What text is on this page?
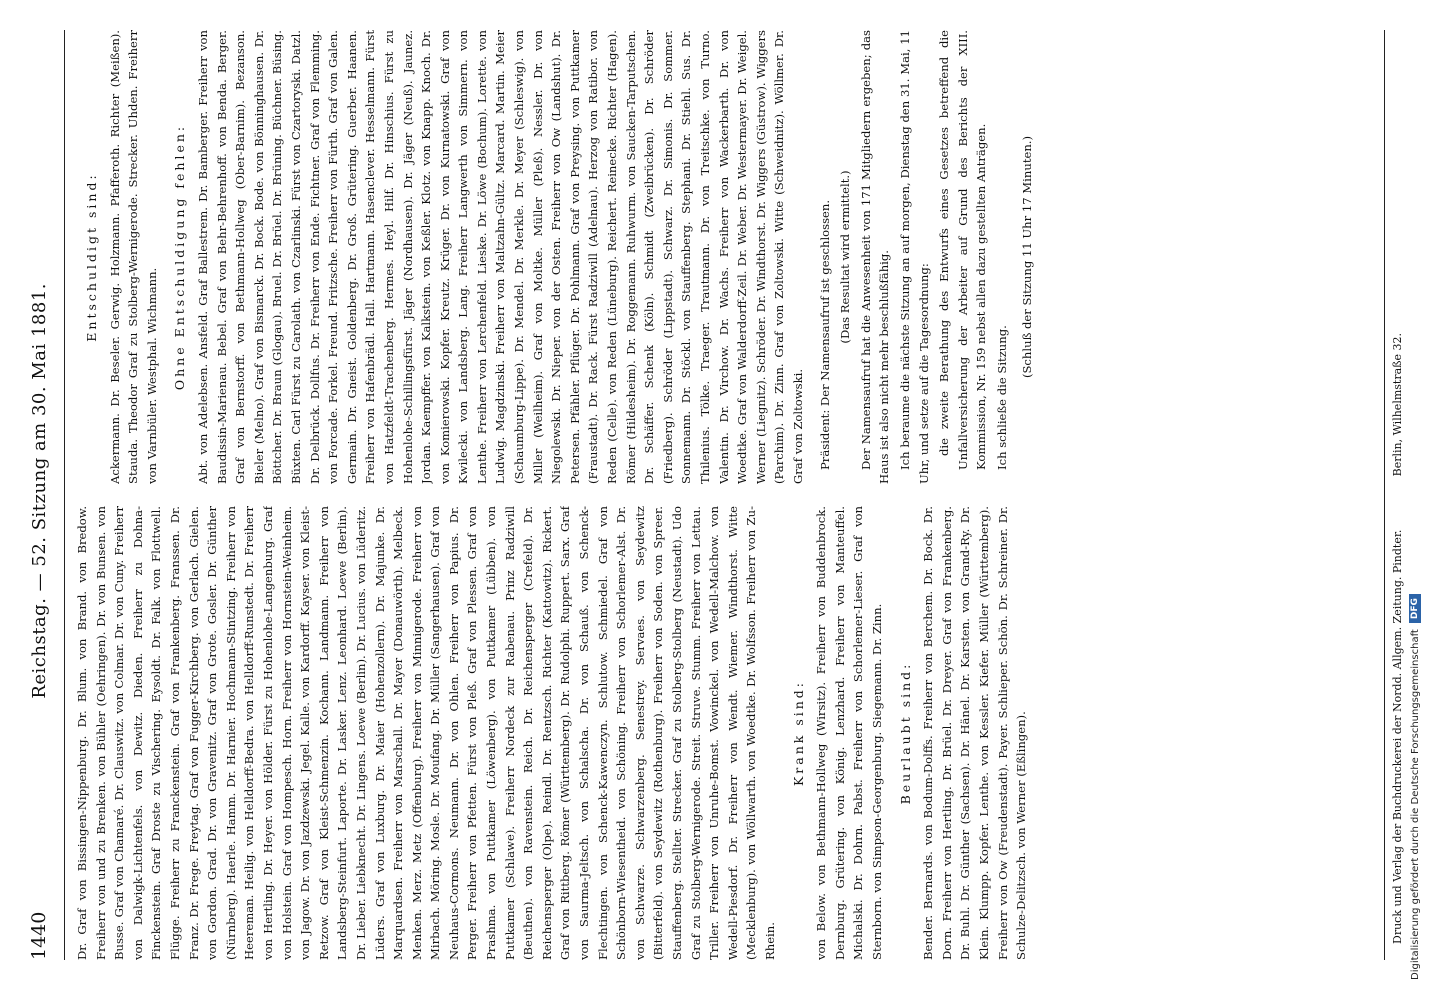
1440
Reichstag. — 52. Sitzung am 30. Mai 1881.

Dr. Graf von Bissingen-Nippenburg. Dr. Blum. von Brand. von Bredow. Freiherr von und zu Brenken. von Bühler (Oehringen). Dr. von Bunsen. von Busse. Graf von Chamaré. Dr. Clauswitz. von Colmar. Dr. von Cuny. Freiherr von Dalwigk-Lichtenfels. von Dewitz. Dieden. Freiherr zu Dohna-Finckenstein. Graf Droste zu Vischering. Eysoldt. Dr. Falk. von Flottwell. Flügge. Freiherr zu Franckenstein. Graf von Frankenberg. Franssen. Dr. Franz. Dr. Frege. Freytag. Graf von Fugger-Kirchberg. von Gerlach. Gielen. von Gordon. Grad. Dr. von Gravenitz. Graf von Grote. Gosler. Dr. Günther (Nürnberg). Haerle. Hamm. Dr. Harnier. Hochmann-Stintzing. Freiherr von Heereman. Heilig. von Helldorff-Bedra. von Helldorff-Runstedt. Dr. Freiherr von Hertling. Dr. Heyer. von Hölder. Fürst zu Hohenlohe-Langenburg. Graf von Holstein. Graf von Hompesch. Horn. Freiherr von Hornstein-Weinheim. von Jagow. Dr. von Jazdzewski. Jegel. Kalle. von Kardorff. Kayser. von Kleist-Retzow. Graf von Kleist-Schmenzin. Kochann. Landmann. Freiherr von Landsberg-Steinfurt. Laporte. Dr. Lasker. Lenz. Leonhard. Loewe (Berlin). Dr. Lieber. Liebknecht. Dr. Lingens. Loewe (Berlin). Dr. Lucius. von Lüderitz. Lüders. Graf von Luxburg. Dr. Maier (Hohenzollern). Dr. Majunke. Dr. Marquardsen. Freiherr von Marschall. Dr. Mayer (Donauwörth). Melbeck. Menken. Merz. Metz (Offenburg). Freiherr von Minnigerode. Freiherr von Mirbach. Möring. Mosle. Dr. Moufang. Dr. Müller (Sangerhausen). Graf von Neuhaus-Cormons. Neumann. Dr. von Ohlen. Freiherr von Papius. Dr. Perger. Freiherr von Pfetten. Fürst von Pleß. Graf von Plessen. Graf von Prashma. von Puttkamer (Löwenberg). von Puttkamer (Lübben). von Puttkamer (Schlawe). Freiherr Nordeck zur Rabenau. Prinz Radziwill (Beuthen). von Ravenstein. Reich. Dr. Reichensperger (Crefeld). Dr. Reichensperger (Olpe). Reindl. Dr. Rentzsch. Richter (Kattowitz). Rickert. Graf von Rittberg. Römer (Württemberg). Dr. Rudolphi. Ruppert. Sarx. Graf von Saurma-Jeltsch. von Schalscha. Dr. von Schauß. von Schenck-Flechtingen. von Schenck-Kawenczyn. Schlutow. Schmiedel. Graf von Schönborn-Wiesentheid. von Schöning. Freiherr von Schorlemer-Alst. Dr. von Schwarze. Schwarzenberg. Senestrey. Servaes. von Seydewitz (Bitterfeld). von Seydewitz (Rothenburg). Freiherr von Soden. von Spreer. Stauffenberg. Stellter. Strecker. Graf zu Stolberg-Stolberg (Neustadt). Udo Graf zu Stolberg-Wernigerode. Streit. Struve. Stumm. Freiherr von Lettau. Triller. Freiherr von Unruhe-Bomst. Vowinckel. von Wedell-Malchow. von Wedell-Piesdorf. Dr. Freiherr von Wendt. Wiemer. Windthorst. Witte (Mecklenburg). von Wöllwarth. von Woedtke. Dr. Wolfsson. Freiherr von Zu-Rhein.

Krank sind: von Below. von Bethmann-Hollweg (Wirsitz). Freiherr von Buddenbrock. Dernburg. Grütering. von König. Lenzhard. Freiherr von Manteuffel. Michalski. Dr. Dohrn. Pabst. Freiherr von Schorlemer-Lieser. Graf von Sternborn. von Simpson-Georgenburg. Siegemann. Dr. Zinn. Beurlaubt sind: Bender. Bernards. von Bodum-Dolffs. Freiherr von Berchem. Dr. Bock. Dr. Dorn. Freiherr von Hertling. Dr. Brüel. Dr. Dreyer. Graf von Frankenberg. Dr. Buhl. Dr. Günther (Sachsen). Dr. Hänel. Dr. Karsten. von Grand-Ry. Dr. Klein. Klumpp. Kopfer. Lenthe. von Kessler. Kiefer. Müller (Württemberg). Freiherr von Ow (Freudenstadt). Payer. Schlieper. Schön. Dr. Schreiner. Dr. Schulze-Delitzsch. von Werner (Eßlingen).

Entschuldigt sind: Ackermann. Dr. Beseler. Gerwig. Holzmann. Pfafferoth. Richter (Meißen). Stauda. Theodor Graf zu Stolberg-Wernigerode. Strecker. Uhden. Freiherr von Varnbüler. Westphal. Wichmann. Ohne Entschuldigung fehlen: Abt. von Adelebsen. Ansfeld. Graf Ballestrem. Dr. Bamberger. Freiherr von Baudissin-Marienau. Bebel. Graf von Behr-Behrenhoff. von Benda. Berger. Graf von Bernstorff. von Bethmann-Hollweg (Ober-Barnim). Bezanson. Bieler (Melno). Graf von Bismarck. Dr. Bock. Bode. von Bönninghausen. Dr. Böttcher. Dr. Braun (Glogau). Bruel. Dr. Brüel. Dr. Brüning. Büchner. Büsing. Büxten. Carl Fürst zu Carolath. von Czarlinski. Fürst von Czartoryski. Datzl. Dr. Delbrück. Dollfus. Dr. Freiherr von Ende. Fichtner. Graf von Flemming. von Forcade. Forkel. Freund. Fritzsche. Freiherr von Fürth. Graf von Galen. Germain. Dr. Gneist. Goldenberg. Dr. Groß. Grütering. Guerber. Haanen. Freiherr von Hafenbrädl. Hall. Hartmann. Hasenclever. Hesselmann. Fürst von Hatzfeldt-Trachenberg. Hermes. Heyl. Hilf. Dr. Hinschius. Fürst zu Hohenlohe-Schillingsfürst. Jäger (Nordhausen). Dr. Jäger (Neuß). Jaunez. Jordan. Kaempffer. von Kalkstein. von Keßler. Klotz. von Knapp. Knoch. Dr. von Komierowski. Kopfer. Kreutz. Krüger. Dr. von Kurnatowski. Graf von Kwilecki. von Landsberg. Lang. Freiherr Langwerth von Simmern. von Lenthe. Freiherr von Lerchenfeld. Lieske. Dr. Löwe (Bochum). Lorette. von Ludwig. Magdzinski. Freiherr von Maltzahn-Gültz. Marcard. Martin. Meier (Schaumburg-Lippe). Dr. Mendel. Dr. Merkle. Dr. Meyer (Schleswig). von Miller (Weilheim). Graf von Moltke. Müller (Pleß). Nessler. Dr. von Niegolewski. Dr. Nieper. von der Osten. Freiherr von Ow (Landshut). Dr. Petersen. Pfähler. Pflüger. Dr. Pohlmann. Graf von Preysing. von Puttkamer (Fraustadt). Dr. Rack. Fürst Radziwill (Adelnau). Herzog von Ratibor. von Reden (Celle). von Reden (Lüneburg). Reichert. Reinecke. Richter (Hagen). Römer (Hildesheim). Dr. Roggemann. Ruhwurm. von Saucken-Tarputschen. Dr. Schäffer. Schenk (Köln). Schmidt (Zweibrücken). Dr. Schröder (Friedberg). Schröder (Lippstadt). Schwarz. Dr. Simonis. Dr. Sommer. Sonnemann. Dr. Stöckl. von Stauffenberg. Stephani. Dr. Stiehl. Sus. Dr. Thilenius. Tölke. Traeger. Trautmann. Dr. von Treitschke. von Turno. Valentin. Dr. Virchow. Dr. Wachs. Freiherr von Wackerbarth. Dr. von Woedtke. Graf von Walderdorff-Zeil. Dr. Weber. Dr. Westermayer. Dr. Weigel. Werner (Liegnitz). Schröder. Dr. Windthorst. Dr. Wiggers (Güstrow). Wiggers (Parchim). Dr. Zinn. Graf von Zoltowski. Witte (Schweidnitz). Wöllmer. Dr. Graf von Zoltowski. Präsident: Der Namensaufruf ist geschlossen. (Das Resultat wird ermittelt.) Der Namensaufruf hat die Anwesenheit von 171 Mitgliedern ergeben; das Haus ist also nicht mehr beschlußfähig. Ich beraume die nächste Sitzung an auf morgen, Dienstag den 31. Mai, 11 Uhr, und setze auf die Tagesordnung: die zweite Berathung des Entwurfs eines Gesetzes betreffend die Unfallversicherung der Arbeiter auf Grund des Berichts der XIII. Kommission, Nr. 159 nebst allen dazu gestellten Anträgen. Ich schließe die Sitzung.

(Schluß der Sitzung 11 Uhr 17 Minuten.)

Druck und Verlag der Buchdruckerei der Nordd. Allgem. Zeitung. Pindter.
Berlin, Wilhelmstraße 32.
Digitalisierung gefördert durch die Deutsche Forschungsgemeinschaft
DFG
